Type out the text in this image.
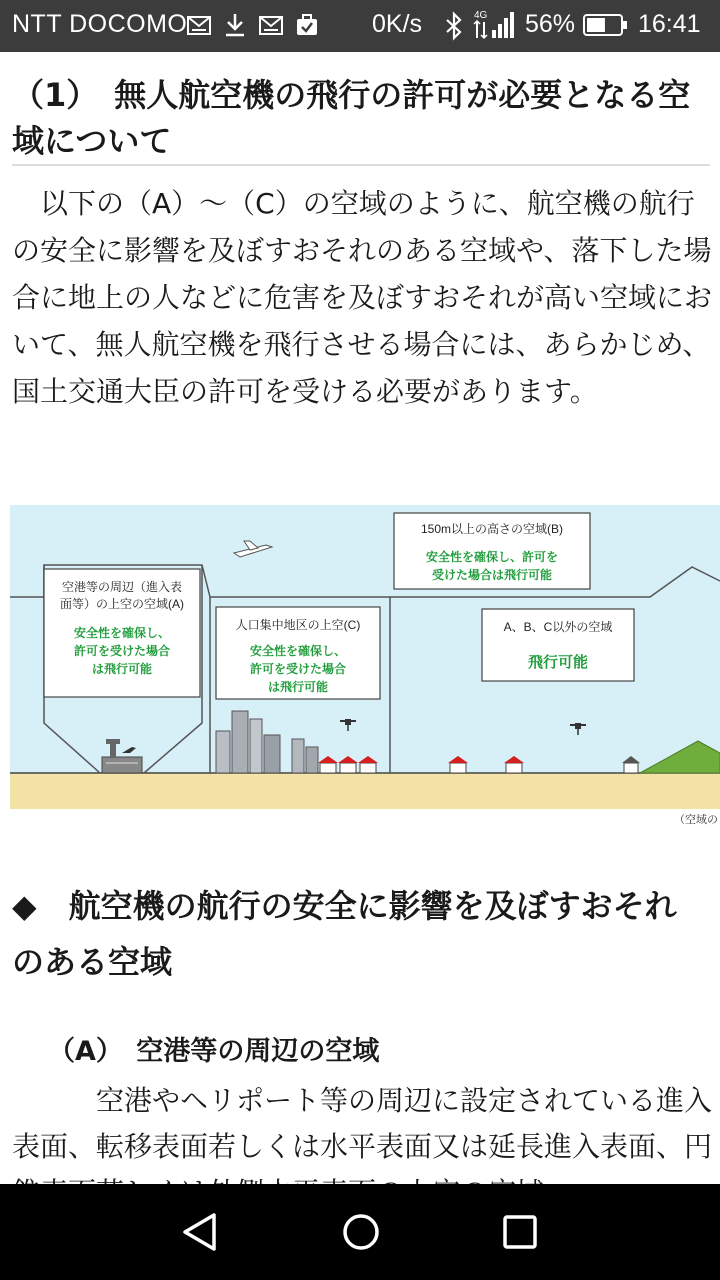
NTT DOCOMO	0K/s	4G 56%	16:41
（1）　無人航空機の飛行の許可が必要となる空域について

以下の（A）～（C）の空域のように、航空機の航行の安全に影響を及ぼすおそれのある空域や、落下した場合に地上の人などに危害を及ぼすおそれが高い空域において、無人航空機を飛行させる場合には、あらかじめ、国土交通大臣の許可を受ける必要があります。

空港等の周辺（進入表
面等）の上空の空域(A)
安全性を確保し、
許可を受けた場合
は飛行可能
150m以上の高さの空域(B)
安全性を確保し、許可を
受けた場合は飛行可能
人口集中地区の上空(C)
安全性を確保し、
許可を受けた場合
は飛行可能
A、B、C以外の空域
飛行可能
（空域の
◆　航空機の航行の安全に影響を及ぼすおそれのある空域
（A）　空港等の周辺の空域

空港やヘリポート等の周辺に設定されている進入表面、転移表面若しくは水平表面又は延長進入表面、円
